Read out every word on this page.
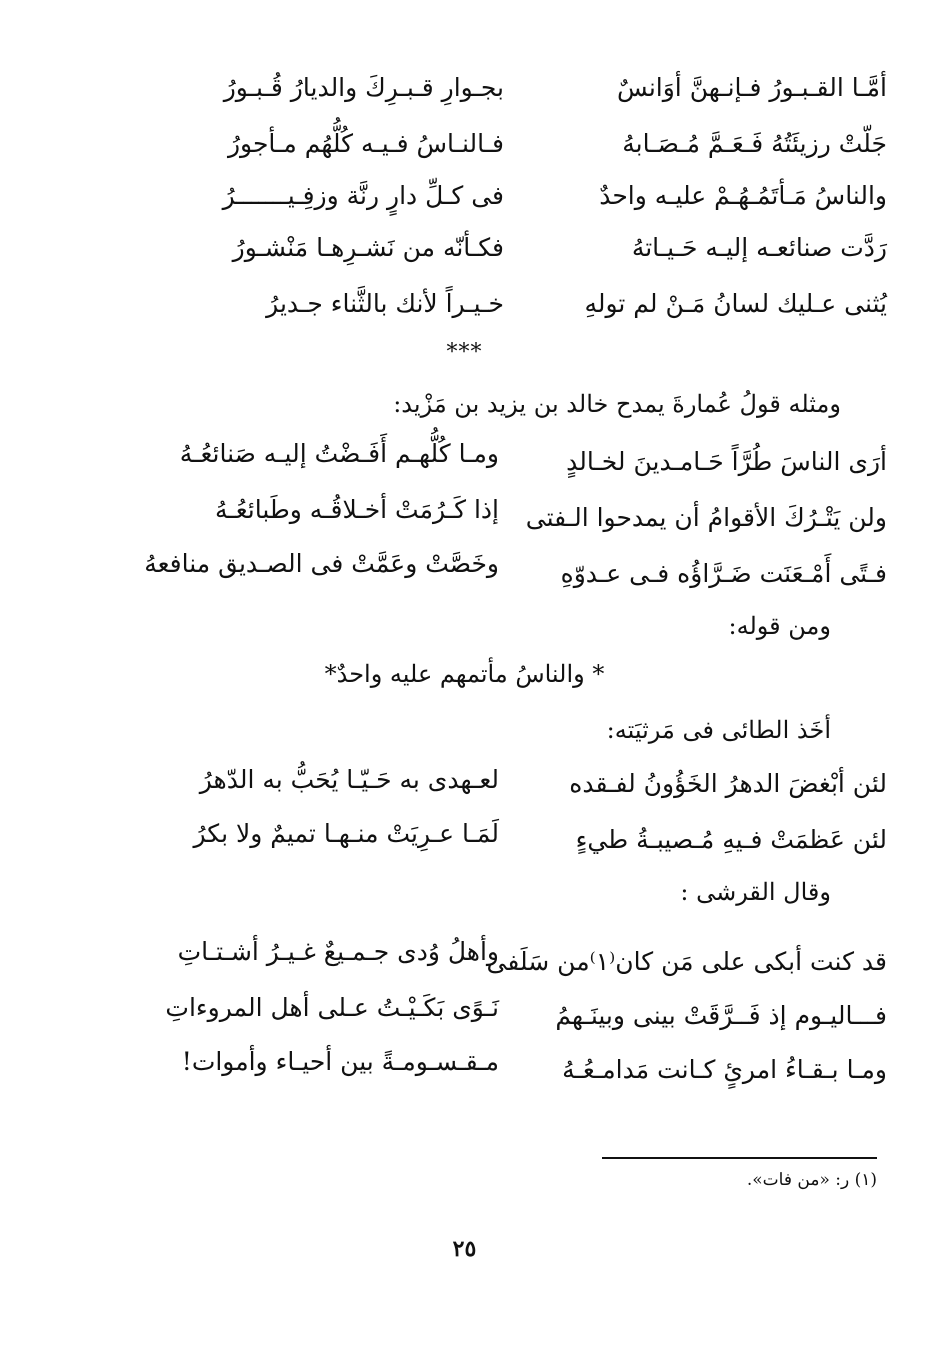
أمَّـا القـبـورُ فـإنـهنَّ أوَانسٌ
بجـوارِ قـبـرِكَ والديارُ قُـبـورُ
جَلّتْ رزيئَتُهُ فَـعَـمَّ مُـصَـابهُ
فـالنـاسُ فـيـه كُلُّهُم مـأجورُ
والناسُ مَـأتَمُـهُـمْ عليـه واحدٌ
فى كـلِّ دارٍ رنَّة وزفِـيـــــــرُ
رَدَّت صنائعـه إليـه حَـيـاتهُ
فكـأنّه من نَشـرِهـا مَنْشـورُ
يُثنى عـليك لسانُ مَـنْ لم تولهِ
خـيـراً لأنك بالثَّناء جـديرُ
***
ومثله قولُ عُمارةَ يمدح خالد بن يزيد بن مَزْيد:
أرَى الناسَ طُرَّاً حَـامـدينَ لخـالدٍ
ومـا كُلُّهـم أَفَـضْتُ إليـه صَنائعُـهُ
ولن يَتْـرُكَ الأقوامُ أن يمدحوا الـفتى
إذا كَـرُمَتْ أخـلاقُـه وطَبائعُـهُ
فـتًى أَمْـعَنَت ضَـرَّاؤُه فـى عـدوّهِ
وخَصَّتْ وعَمَّتْ فى الصـديق منافعهُ
ومن قوله:
* والناسُ مأتمهم عليه واحدٌ*
أخَذ الطائى فى مَرثيَته:
لئن أبْغضَ الدهرُ الخَؤُونُ لفـقده
لعـهدى به حَـيّـا يُحَبُّ به الدّهرُ
لئن عَظمَتْ فـيهِ مُـصيبـةُ طيءٍ
لَمَـا عـرِيَتْ منـهـا تميمٌ ولا بكرُ
وقال القرشى :
قد كنت أبكى على مَن كان⁽١⁾من سَلَفى
وأهلُ وُدى جـمـيعٌ غـيـرُ أشـتـاتِ
فـــاليـوم إذ فَــرَّقَتْ بينى وبينَـهمُ
نَـوًى بَكَـيْـتُ عـلى أهل المروءاتِ
ومـا بـقـاءُ امرئٍ كـانت مَدامـعُـهُ
مـقـسـومـةً بين أحيـاء وأموات!
(١) ر: «من فات».
٢٥
